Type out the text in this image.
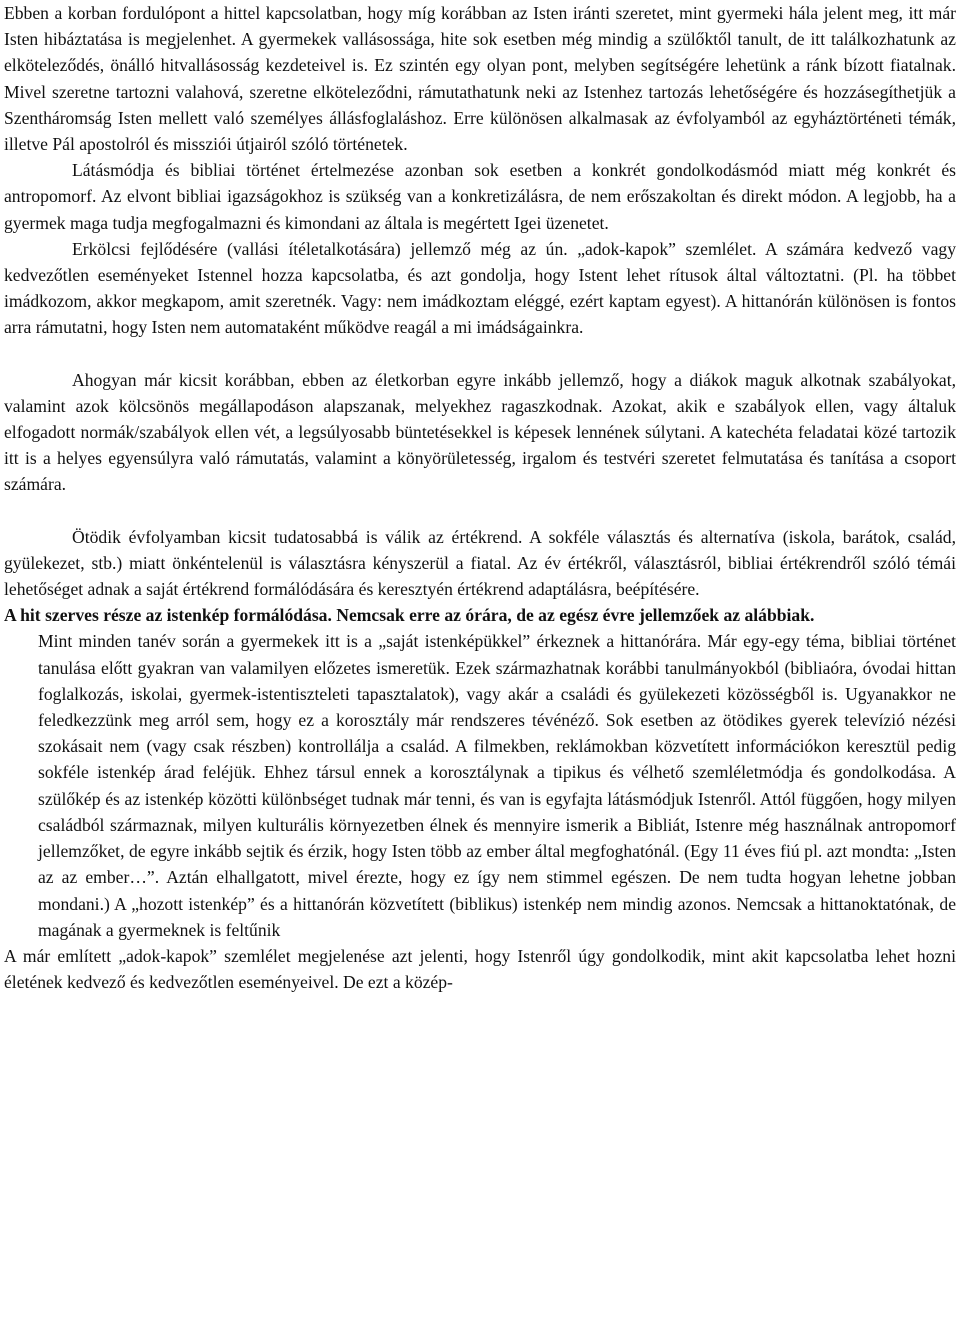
Ebben a korban fordulópont a hittel kapcsolatban, hogy míg korábban az Isten iránti szeretet, mint gyermeki hála jelent meg, itt már Isten hibáztatása is megjelenhet. A gyermekek vallásossága, hite sok esetben még mindig a szülőktől tanult, de itt találkozhatunk az elköteleződés, önálló hitvallásosság kezdeteivel is. Ez szintén egy olyan pont, melyben segítségére lehetünk a ránk bízott fiatalnak. Mivel szeretne tartozni valahová, szeretne elköteleződni, rámutathatunk neki az Istenhez tartozás lehetőségére és hozzásegíthetjük a Szentháromság Isten mellett való személyes állásfoglaláshoz. Erre különösen alkalmasak az évfolyamból az egyháztörténeti témák, illetve Pál apostolról és missziói útjairól szóló történetek.

Látásmódja és bibliai történet értelmezése azonban sok esetben a konkrét gondolkodásmód miatt még konkrét és antropomorf. Az elvont bibliai igazságokhoz is szükség van a konkretizálásra, de nem erőszakoltan és direkt módon. A legjobb, ha a gyermek maga tudja megfogalmazni és kimondani az általa is megértett Igei üzenetet.

Erkölcsi fejlődésére (vallási ítéletalkotására) jellemző még az ún. „adok-kapok” szemlélet. A számára kedvező vagy kedvezőtlen eseményeket Istennel hozza kapcsolatba, és azt gondolja, hogy Istent lehet rítusok által változtatni. (Pl. ha többet imádkozom, akkor megkapom, amit szeretnék. Vagy: nem imádkoztam eléggé, ezért kaptam egyest). A hittanórán különösen is fontos arra rámutatni, hogy Isten nem automataként működve reagál a mi imádságainkra.

Ahogyan már kicsit korábban, ebben az életkorban egyre inkább jellemző, hogy a diákok maguk alkotnak szabályokat, valamint azok kölcsönös megállapodáson alapszanak, melyekhez ragaszkodnak. Azokat, akik e szabályok ellen, vagy általuk elfogadott normák/szabályok ellen vét, a legsúlyosabb büntetésekkel is képesek lennének súlytani. A katechéta feladatai közé tartozik itt is a helyes egyensúlyra való rámutatás, valamint a könyörületesség, irgalom és testvéri szeretet felmutatása és tanítása a csoport számára.

Ötödik évfolyamban kicsit tudatosabbá is válik az értékrend. A sokféle választás és alternatíva (iskola, barátok, család, gyülekezet, stb.) miatt önkéntelenül is választásra kényszerül a fiatal. Az év értékről, választásról, bibliai értékrendről szóló témái lehetőséget adnak a saját értékrend formálódására és keresztyén értékrend adaptálásra, beépítésére.

A hit szerves része az istenkép formálódása. Nemcsak erre az órára, de az egész évre jellemzőek az alábbiak.

Mint minden tanév során a gyermekek itt is a „saját istenképükkel” érkeznek a hittanórára. Már egy-egy téma, bibliai történet tanulása előtt gyakran van valamilyen előzetes ismeretük. Ezek származhatnak korábbi tanulmányokból (bibliaóra, óvodai hittan foglalkozás, iskolai, gyermek-istentiszteleti tapasztalatok), vagy akár a családi és gyülekezeti közösségből is. Ugyanakkor ne feledkezzünk meg arról sem, hogy ez a korosztály már rendszeres tévénéző. Sok esetben az ötödikes gyerek televízió nézési szokásait nem (vagy csak részben) kontrollálja a család. A filmekben, reklámokban közvetített információkon keresztül pedig sokféle istenkép árad feléjük. Ehhez társul ennek a korosztálynak a tipikus és vélhető szemléletmódja és gondolkodása. A szülőkép és az istenkép közötti különbséget tudnak már tenni, és van is egyfajta látásmódjuk Istenről. Attól függően, hogy milyen családból származnak, milyen kulturális környezetben élnek és mennyire ismerik a Bibliát, Istenre még használnak antropomorf jellemzőket, de egyre inkább sejtik és érzik, hogy Isten több az ember által megfoghatónál. (Egy 11 éves fiú pl. azt mondta: „Isten az az ember…”. Aztán elhallgatott, mivel érezte, hogy ez így nem stimmel egészen. De nem tudta hogyan lehetne jobban mondani.) A „hozott istenkép” és a hittanórán közvetített (biblikus) istenkép nem mindig azonos. Nemcsak a hittanoktatónak, de magának a gyermeknek is feltűnik

A már említett „adok-kapok” szemlélet megjelenése azt jelenti, hogy Istenről úgy gondolkodik, mint akit kapcsolatba lehet hozni életének kedvező és kedvezőtlen eseményeivel. De ezt a közép-
